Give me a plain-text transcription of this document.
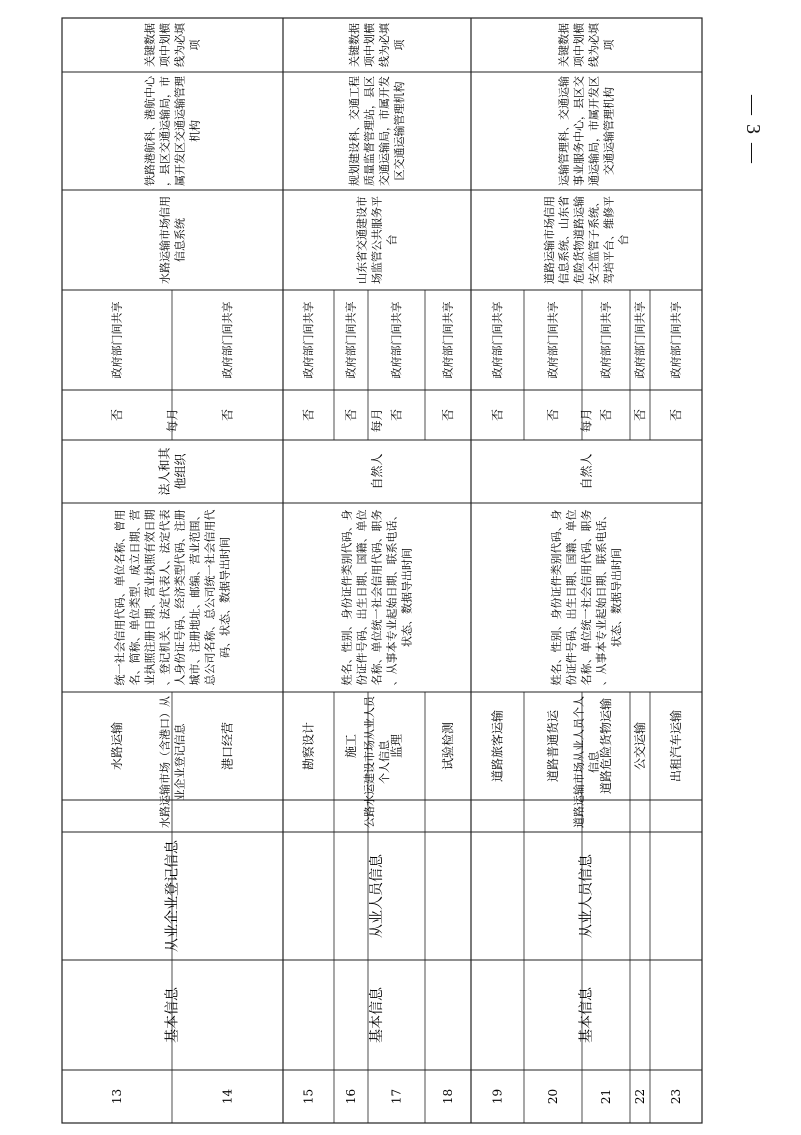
13
水路运输
否
政府部门间共享
14
港口经营
否
政府部门间共享
15
勘察设计
否
政府部门间共享
16
施工
否
政府部门间共享
17
监理
否
政府部门间共享
18
试验检测
否
政府部门间共享
19
道路旅客运输
否
政府部门间共享
20
道路普通货运
否
政府部门间共享
21
道路危险货物运输
否
政府部门间共享
22
公交运输
否
政府部门间共享
23
出租汽车运输
否
政府部门间共享
基本信息
从业企业登记信息
水路运输市场（含港口）从 业企业登记信息
统一社会信用代码、单位名称、曾用 名、简称、单位类型、成立日期、营 业执照注册日期、营业执照有效日期 、登记机关、法定代表人、法定代表 人身份证号码、经济类型代码、注册 城市、注册地址、邮编、营业范围、 总公司名称、总公司统一社会信用代 码、状态、数据导出时间
法人和其 他组织
每月
水路运输市场信用 信息系统
铁路港航科、港航中心 ，县区交通运输局，市 属开发区交通运输管理 机构
关键数据 项中划横 线为必填 项
基本信息
从业人员信息
公路水运建设市场从业人员 个人信息
姓名、性别、身份证件类别代码、身 份证件号码、出生日期、国籍、单位 名称、单位统一社会信用代码、职务 、从事本专业起始日期、联系电话、 状态、数据导出时间
自然人
每月
山东省交通建设市 场监管公共服务平 台
规划建设科、交通工程 质量监督管理站，县区 交通运输局，市属开发 区交通运输管理机构
关键数据 项中划横 线为必填 项
基本信息
从业人员信息
道路运输市场从业人员个人 信息
姓名、性别、身份证件类别代码、身 份证件号码、出生日期、国籍、单位 名称、单位统一社会信用代码、职务 、从事本专业起始日期、联系电话、 状态、数据导出时间
自然人
每月
道路运输市场信用 信息系统、山东省 危险货物道路运输 安全监管子系统、 驾培平台、维修平 台
运输管理科、交通运输 事业服务中心，县区交 通运输局，市属开发区 交通运输管理机构
关键数据 项中划横 线为必填 项
— 3 —
